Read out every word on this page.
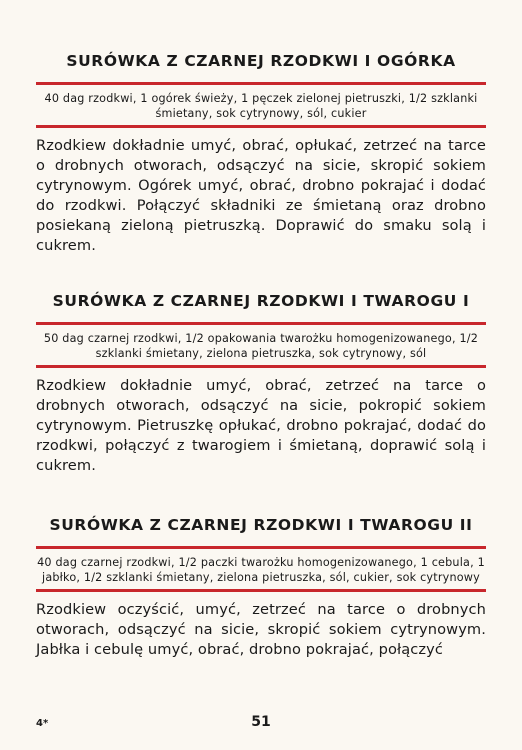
SURÓWKA Z CZARNEJ RZODKWI I OGÓRKA
40 dag rzodkwi, 1 ogórek świeży, 1 pęczek zielonej pietruszki, 1/2 szklanki śmietany, sok cytrynowy, sól, cukier

Rzodkiew dokładnie umyć, obrać, opłukać, zetrzeć na tarce o drobnych otworach, odsączyć na sicie, skropić sokiem cytrynowym. Ogórek umyć, obrać, drobno pokrajać i dodać do rzodkwi. Połączyć składniki ze śmietaną oraz drobno posiekaną zieloną pietruszką. Doprawić do smaku solą i cukrem.

SURÓWKA Z CZARNEJ RZODKWI I TWAROGU I
50 dag czarnej rzodkwi, 1/2 opakowania twarożku homogenizowanego, 1/2 szklanki śmietany, zielona pietruszka, sok cytrynowy, sól

Rzodkiew dokładnie umyć, obrać, zetrzeć na tarce o drobnych otworach, odsączyć na sicie, pokropić sokiem cytrynowym. Pietruszkę opłukać, drobno pokrajać, dodać do rzodkwi, połączyć z twarogiem i śmietaną, doprawić solą i cukrem.

SURÓWKA Z CZARNEJ RZODKWI I TWAROGU II
40 dag czarnej rzodkwi, 1/2 paczki twarożku homogenizowanego, 1 cebula, 1 jabłko, 1/2 szklanki śmietany, zielona pietruszka, sól, cukier, sok cytrynowy

Rzodkiew oczyścić, umyć, zetrzeć na tarce o drobnych otworach, odsączyć na sicie, skropić sokiem cytrynowym. Jabłka i cebulę umyć, obrać, drobno pokrajać, połączyć

4*	51
